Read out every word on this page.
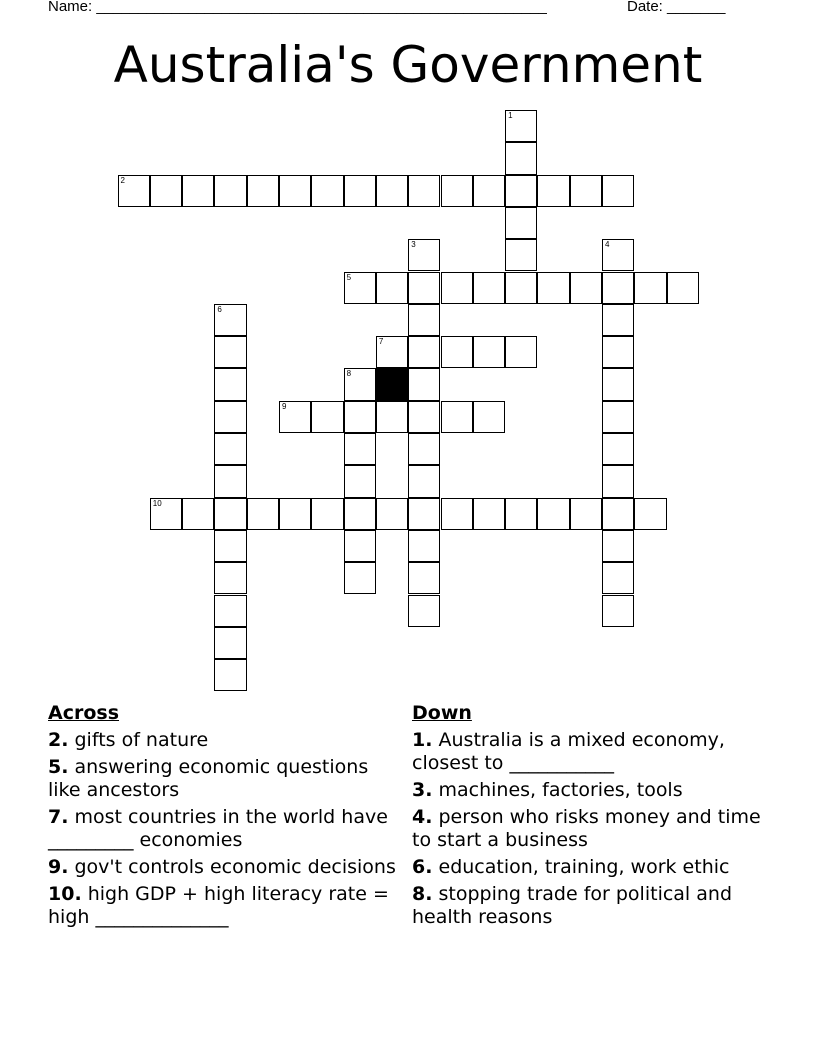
Name: ______________________________________________________	Date: _______
Australia's Government
1
2
3	4
5
6
7
8
9
10
Across
2. gifts of nature
5. answering economic questions like ancestors
7. most countries in the world have _________ economies
9. gov't controls economic decisions
10. high GDP + high literacy rate = high ______________
Down
1. Australia is a mixed economy, closest to ___________
3. machines, factories, tools
4. person who risks money and time to start a business
6. education, training, work ethic
8. stopping trade for political and health reasons
